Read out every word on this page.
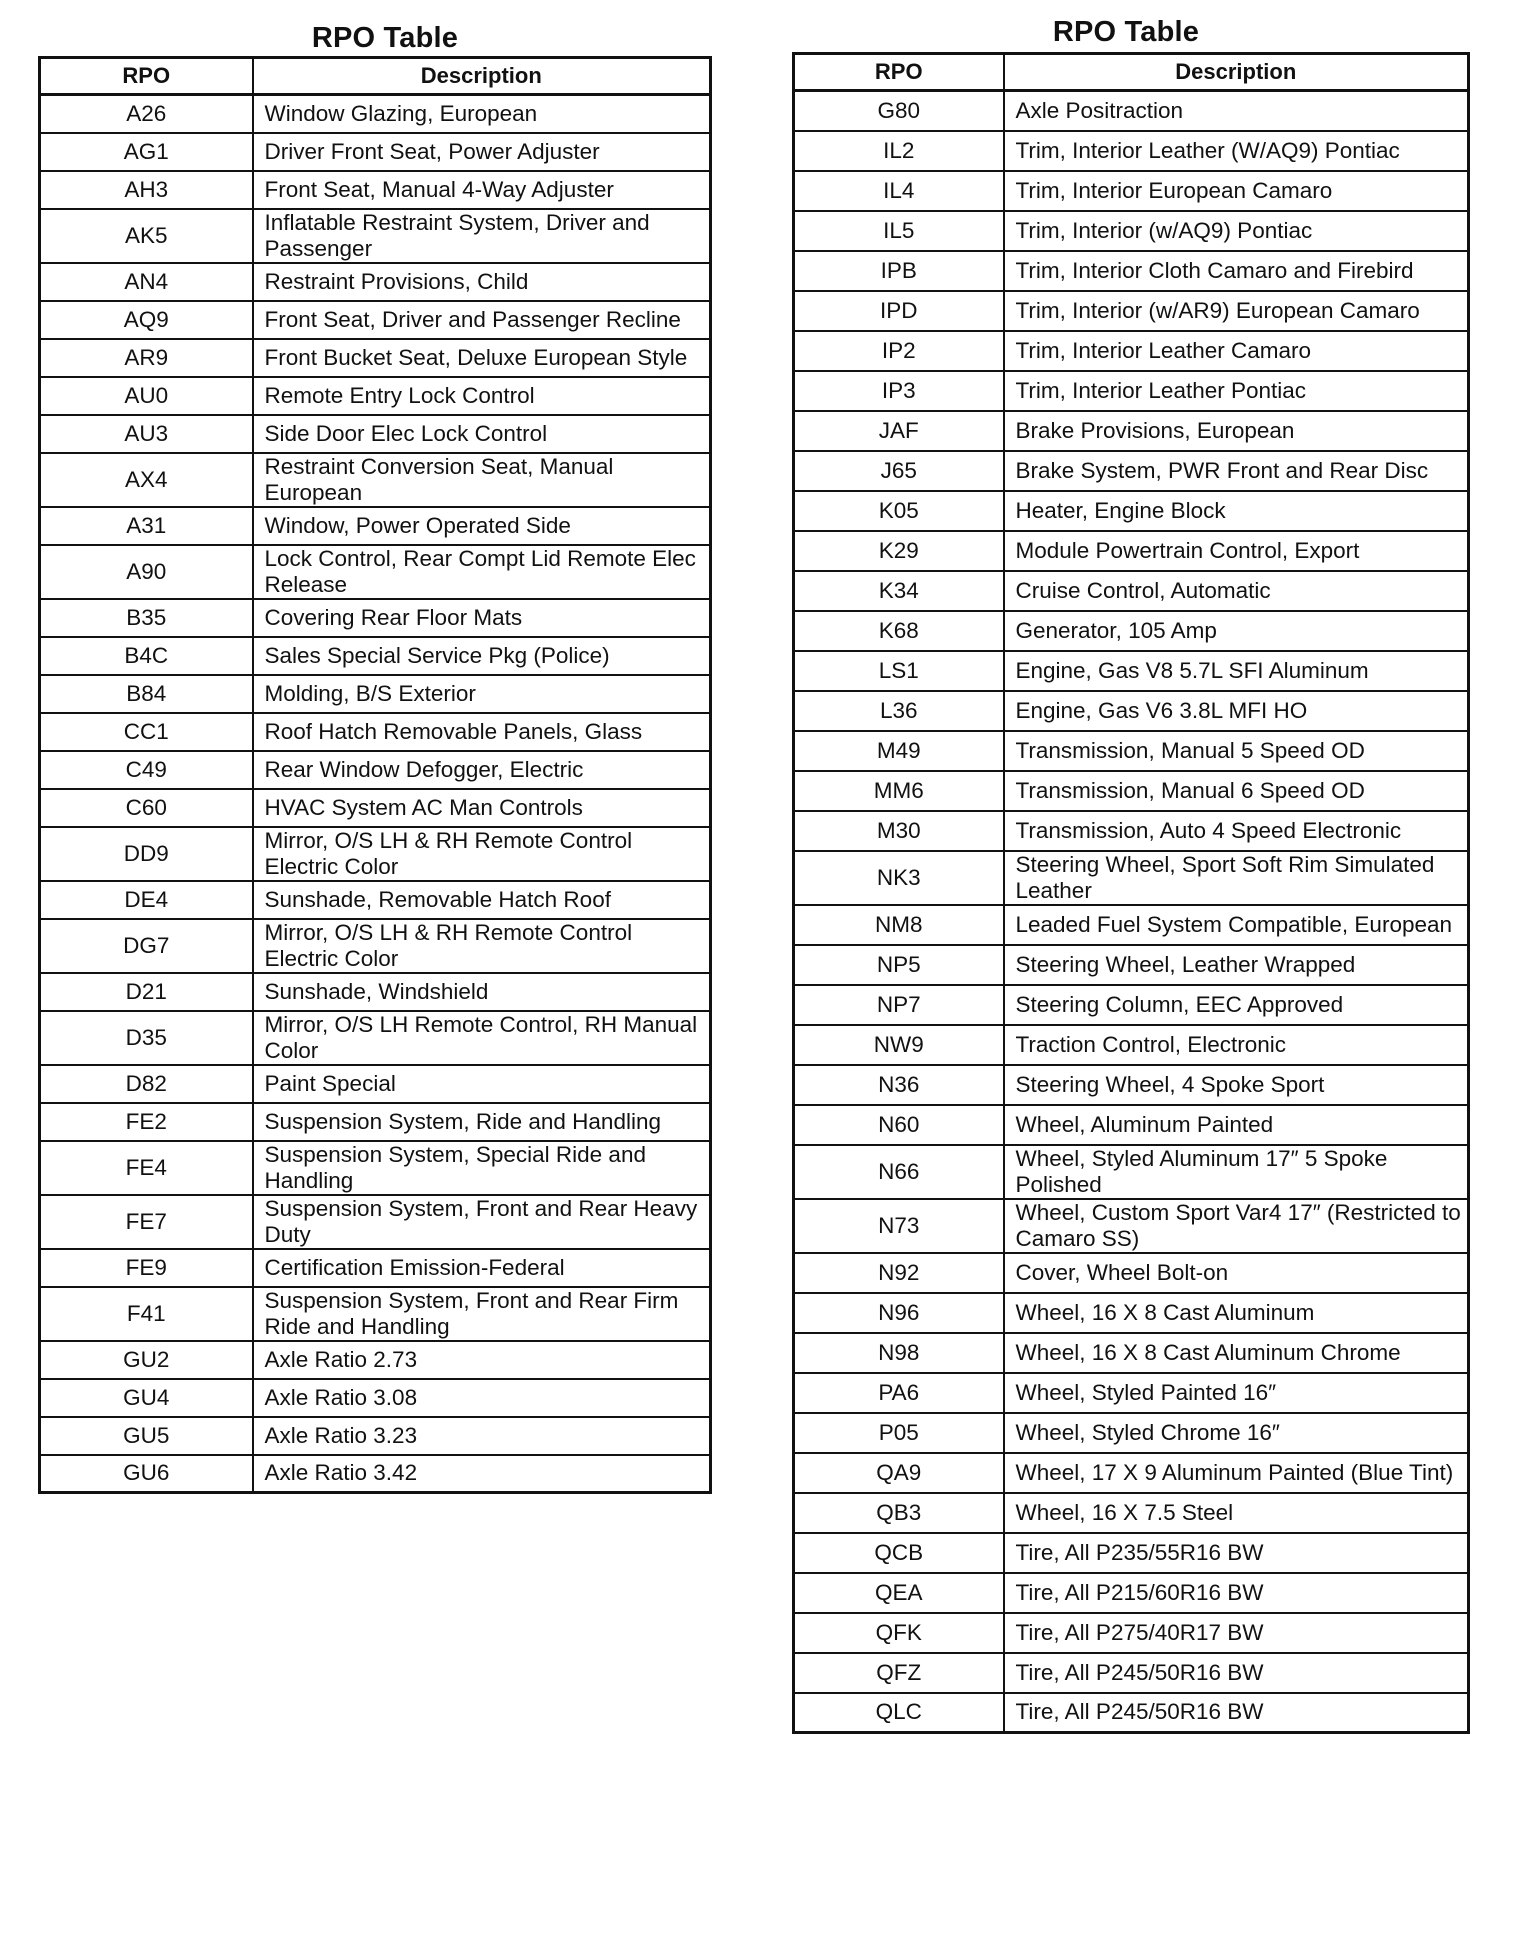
RPO Table
RPO	Description
A26	Window Glazing, European
AG1	Driver Front Seat, Power Adjuster
AH3	Front Seat, Manual 4-Way Adjuster
AK5	Inflatable Restraint System, Driver and Passenger
AN4	Restraint Provisions, Child
AQ9	Front Seat, Driver and Passenger Recline
AR9	Front Bucket Seat, Deluxe European Style
AU0	Remote Entry Lock Control
AU3	Side Door Elec Lock Control
AX4	Restraint Conversion Seat, Manual European
A31	Window, Power Operated Side
A90	Lock Control, Rear Compt Lid Remote Elec Release
B35	Covering Rear Floor Mats
B4C	Sales Special Service Pkg (Police)
B84	Molding, B/S Exterior
CC1	Roof Hatch Removable Panels, Glass
C49	Rear Window Defogger, Electric
C60	HVAC System AC Man Controls
DD9	Mirror, O/S LH & RH Remote Control Electric Color
DE4	Sunshade, Removable Hatch Roof
DG7	Mirror, O/S LH & RH Remote Control Electric Color
D21	Sunshade, Windshield
D35	Mirror, O/S LH Remote Control, RH Manual Color
D82	Paint Special
FE2	Suspension System, Ride and Handling
FE4	Suspension System, Special Ride and Handling
FE7	Suspension System, Front and Rear Heavy Duty
FE9	Certification Emission-Federal
F41	Suspension System, Front and Rear Firm Ride and Handling
GU2	Axle Ratio 2.73
GU4	Axle Ratio 3.08
GU5	Axle Ratio 3.23
GU6	Axle Ratio 3.42
RPO Table
RPO	Description
G80	Axle Positraction
IL2	Trim, Interior Leather (W/AQ9) Pontiac
IL4	Trim, Interior European Camaro
IL5	Trim, Interior (w/AQ9) Pontiac
IPB	Trim, Interior Cloth Camaro and Firebird
IPD	Trim, Interior (w/AR9) European Camaro
IP2	Trim, Interior Leather Camaro
IP3	Trim, Interior Leather Pontiac
JAF	Brake Provisions, European
J65	Brake System, PWR Front and Rear Disc
K05	Heater, Engine Block
K29	Module Powertrain Control, Export
K34	Cruise Control, Automatic
K68	Generator, 105 Amp
LS1	Engine, Gas V8 5.7L SFI Aluminum
L36	Engine, Gas V6 3.8L MFI HO
M49	Transmission, Manual 5 Speed OD
MM6	Transmission, Manual 6 Speed OD
M30	Transmission, Auto 4 Speed Electronic
NK3	Steering Wheel, Sport Soft Rim Simulated Leather
NM8	Leaded Fuel System Compatible, European
NP5	Steering Wheel, Leather Wrapped
NP7	Steering Column, EEC Approved
NW9	Traction Control, Electronic
N36	Steering Wheel, 4 Spoke Sport
N60	Wheel, Aluminum Painted
N66	Wheel, Styled Aluminum 17″ 5 Spoke Polished
N73	Wheel, Custom Sport Var4 17″ (Restricted to Camaro SS)
N92	Cover, Wheel Bolt-on
N96	Wheel, 16 X 8 Cast Aluminum
N98	Wheel, 16 X 8 Cast Aluminum Chrome
PA6	Wheel, Styled Painted 16″
P05	Wheel, Styled Chrome 16″
QA9	Wheel, 17 X 9 Aluminum Painted (Blue Tint)
QB3	Wheel, 16 X 7.5 Steel
QCB	Tire, All P235/55R16 BW
QEA	Tire, All P215/60R16 BW
QFK	Tire, All P275/40R17 BW
QFZ	Tire, All P245/50R16 BW
QLC	Tire, All P245/50R16 BW
